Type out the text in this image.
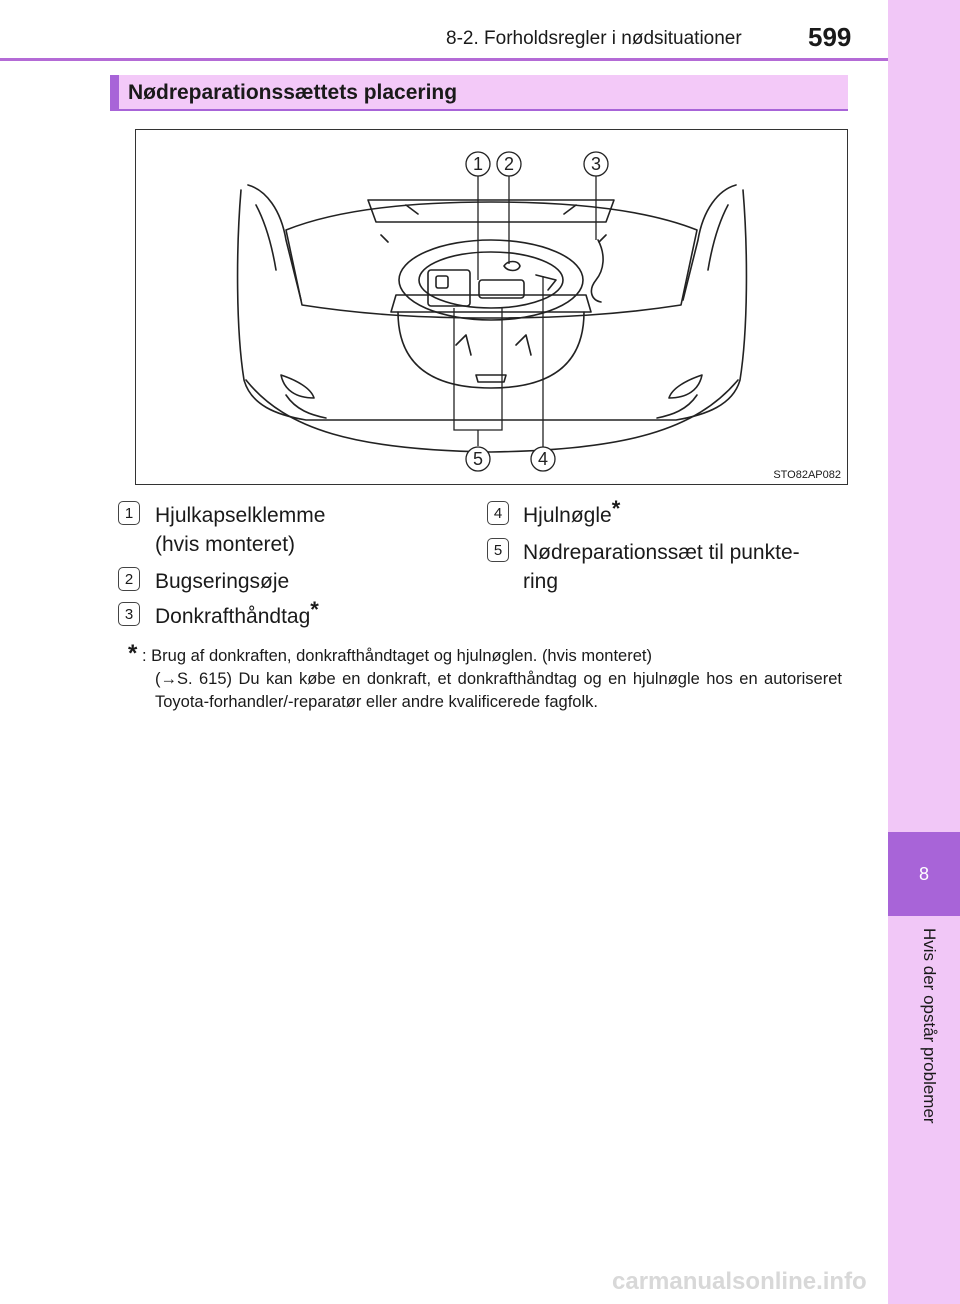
8-2. Forholdsregler i nødsituationer	599
8
Hvis der opstår problemer
Nødreparationssættets placering
1 2	3
4
5
STO82AP082
1	Hjulkapselklemme
(hvis monteret)
2	Bugseringsøje
3	Donkrafthåndtag*
4 Hjulnøgle*
5 Nødreparationssæt til punkte-
ring
* : Brug af donkraften, donkrafthåndtaget og hjulnøglen. (hvis monteret)
(→S. 615) Du kan købe en donkraft, et donkrafthåndtag og en hjulnøgle hos en autoriseret Toyota-forhandler/-reparatør eller andre kvalificerede fagfolk.
carmanualsonline.info
